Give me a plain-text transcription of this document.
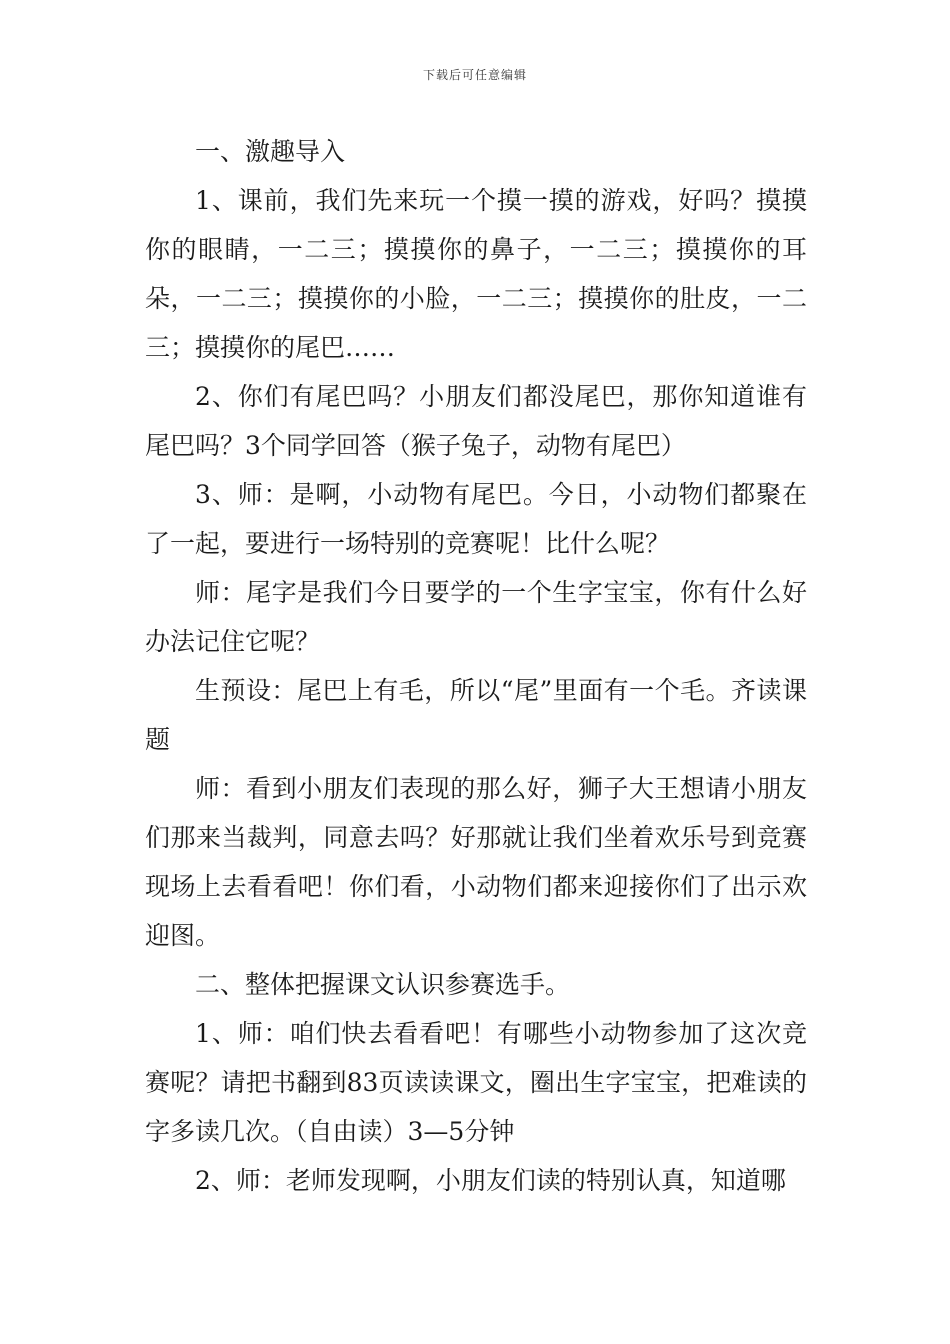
下载后可任意编辑

一、激趣导入

1、课前，我们先来玩一个摸一摸的游戏，好吗？摸摸你的眼睛，一二三；摸摸你的鼻子，一二三；摸摸你的耳朵，一二三；摸摸你的小脸，一二三；摸摸你的肚皮，一二三；摸摸你的尾巴……

2、你们有尾巴吗？小朋友们都没尾巴，那你知道谁有尾巴吗？3个同学回答（猴子兔子，动物有尾巴）

3、师：是啊，小动物有尾巴。今日，小动物们都聚在了一起，要进行一场特别的竞赛呢！比什么呢？

师：尾字是我们今日要学的一个生字宝宝，你有什么好办法记住它呢？

生预设：尾巴上有毛，所以“尾”里面有一个毛。齐读课题

师：看到小朋友们表现的那么好，狮子大王想请小朋友们那来当裁判，同意去吗？好那就让我们坐着欢乐号到竞赛现场上去看看吧！你们看，小动物们都来迎接你们了出示欢迎图。

二、整体把握课文认识参赛选手。

1、师：咱们快去看看吧！有哪些小动物参加了这次竞赛呢？请把书翻到83页读读课文，圈出生字宝宝，把难读的字多读几次。（自由读）3—5分钟

2、师：老师发现啊，小朋友们读的特别认真，知道哪
